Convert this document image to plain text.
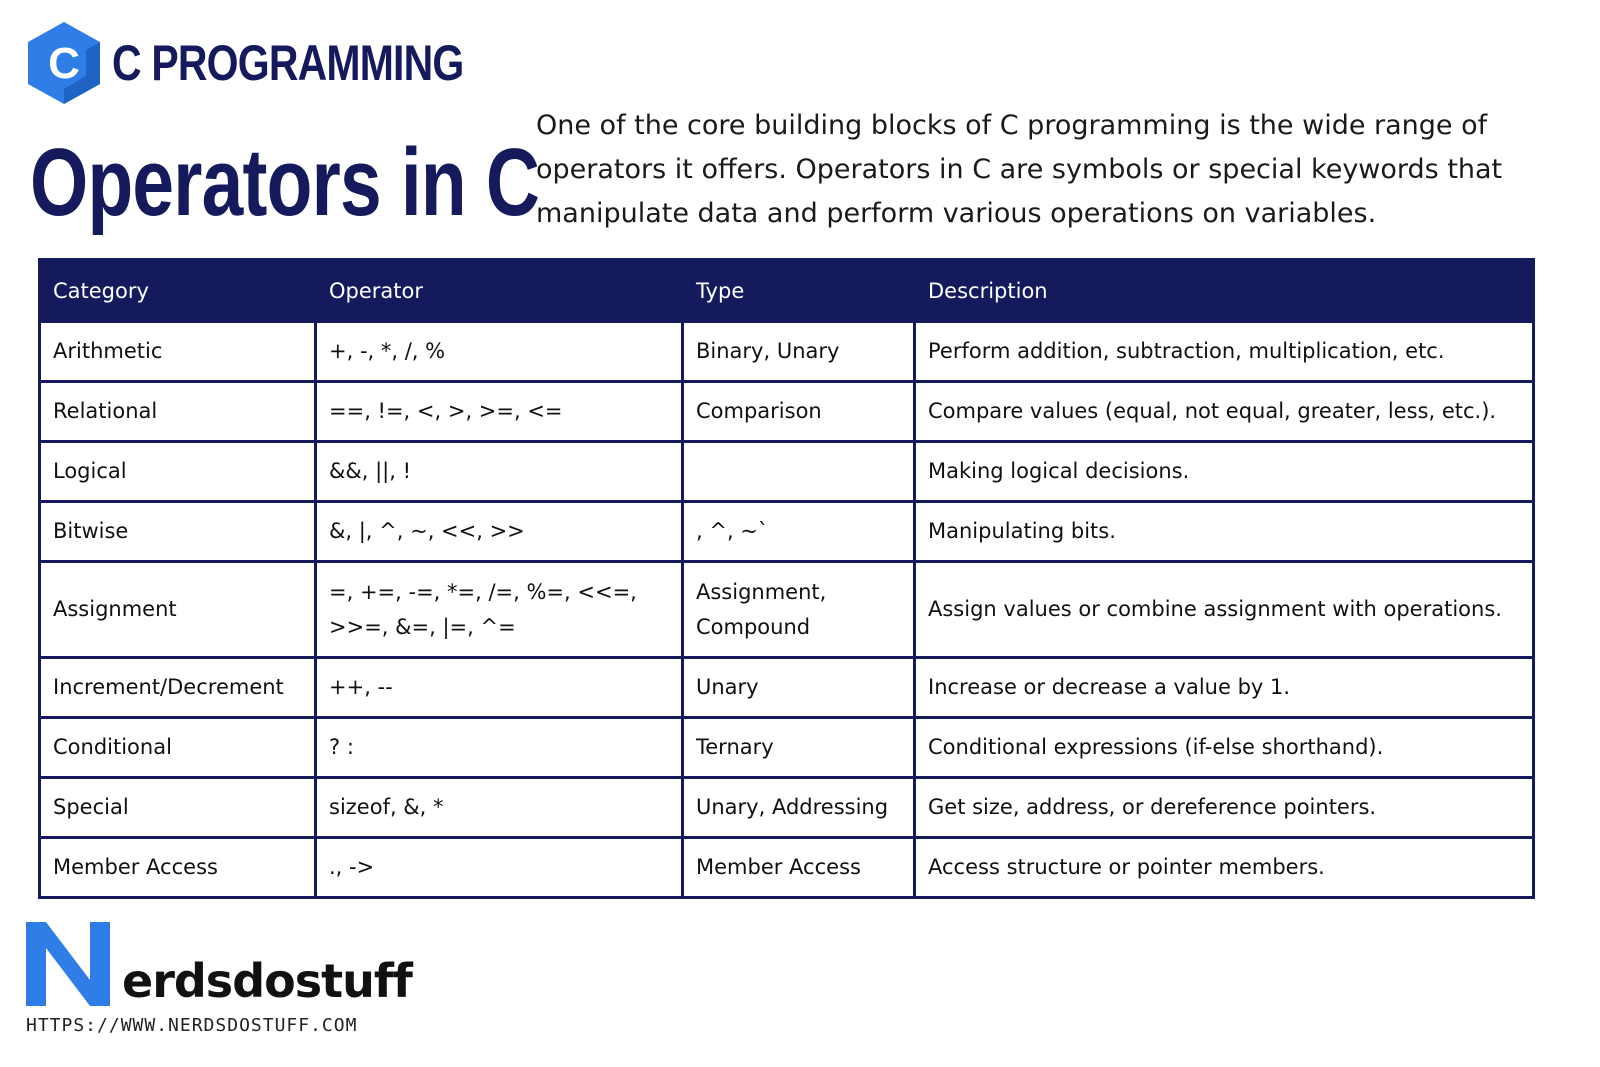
C C PROGRAMMING
Operators in C

One of the core building blocks of C programming is the wide range of operators it offers. Operators in C are symbols or special keywords that manipulate data and perform various operations on variables.

Category	Operator	Type	Description
Arithmetic	+, -, *, /, %	Binary, Unary	Perform addition, subtraction, multiplication, etc.
Relational	==, !=, <, >, >=, <=	Comparison	Compare values (equal, not equal, greater, less, etc.).
Logical	&&, ||, !		Making logical decisions.
Bitwise	&, |, ^, ~, <<, >>	, ^, ~`	Manipulating bits.
Assignment	=, +=, -=, *=, /=, %=, <<=, >>=, &=, |=, ^=	Assignment, Compound	Assign values or combine assignment with operations.
Increment/Decrement	++, --	Unary	Increase or decrease a value by 1.
Conditional	? :	Ternary	Conditional expressions (if-else shorthand).
Special	sizeof, &, *	Unary, Addressing	Get size, address, or dereference pointers.
Member Access	., ->	Member Access	Access structure or pointer members.
erdsdostuff
HTTPS://WWW.NERDSDOSTUFF.COM
